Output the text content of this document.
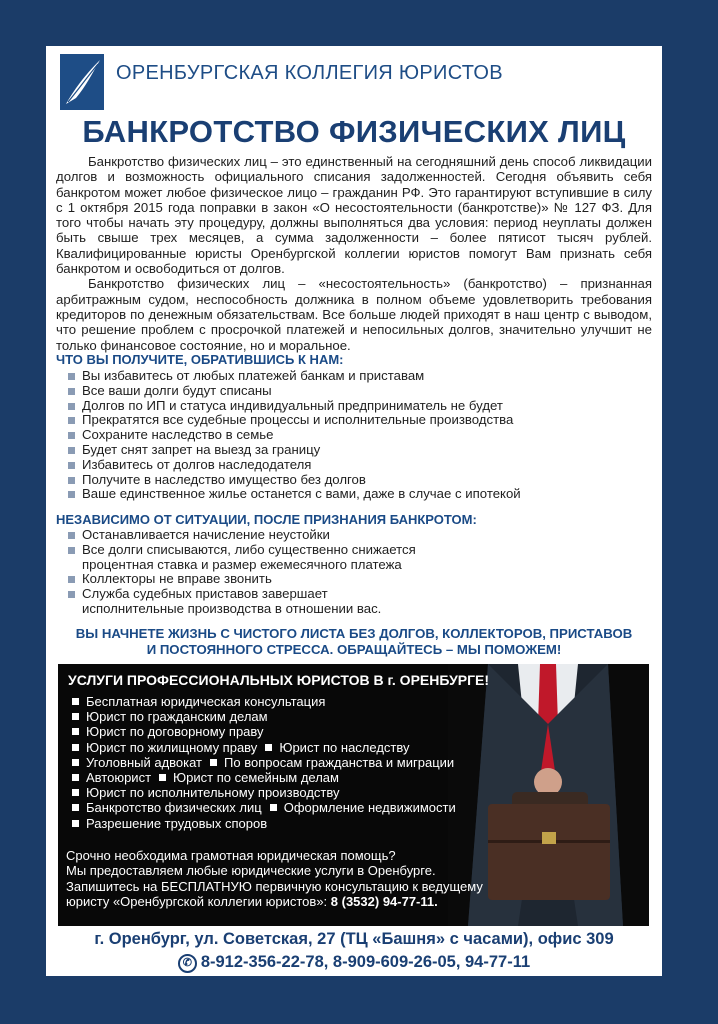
ОРЕНБУРГСКАЯ КОЛЛЕГИЯ ЮРИСТОВ
БАНКРОТСТВО ФИЗИЧЕСКИХ ЛИЦ

Банкротство физических лиц – это единственный на сегодняшний день способ ликвидации долгов и возможность официального списания задолженностей. Сегодня объявить себя банкротом может любое физическое лицо – гражданин РФ. Это гарантируют вступившие в силу с 1 октября 2015 года поправки в закон «О несостоятельности (банкротстве)» № 127 ФЗ. Для того чтобы начать эту процедуру, должны выполняться два условия: период неуплаты должен быть свыше трех месяцев, а сумма задолженности – более пятисот тысяч рублей. Квалифицированные юристы Оренбургской коллегии юристов помогут Вам признать себя банкротом и освободиться от долгов.

Банкротство физических лиц – «несостоятельность» (банкротство) – признанная арбитражным судом, неспособность должника в полном объеме удовлетворить требования кредиторов по денежным обязательствам. Все больше людей приходят в наш центр с выводом, что решение проблем с просрочкой платежей и непосильных долгов, значительно улучшит не только финансовое состояние, но и моральное.

ЧТО ВЫ ПОЛУЧИТЕ, ОБРАТИВШИСЬ К НАМ:
Вы избавитесь от любых платежей банкам и приставам
Все ваши долги будут списаны
Долгов по ИП и статуса индивидуальный предприниматель не будет
Прекратятся все судебные процессы и исполнительные производства
Сохраните наследство в семье
Будет снят запрет на выезд за границу
Избавитесь от долгов наследодателя
Получите в наследство имущество без долгов
Ваше единственное жилье останется с вами, даже в случае с ипотекой
НЕЗАВИСИМО ОТ СИТУАЦИИ, ПОСЛЕ ПРИЗНАНИЯ БАНКРОТОМ:
Останавливается начисление неустойки
Все долги списываются, либо существенно снижается
процентная ставка и размер ежемесячного платежа
Коллекторы не вправе звонить
Служба судебных приставов завершает
исполнительные производства в отношении вас.
ВЫ НАЧНЕТЕ ЖИЗНЬ С ЧИСТОГО ЛИСТА БЕЗ ДОЛГОВ, КОЛЛЕКТОРОВ, ПРИСТАВОВ
И ПОСТОЯННОГО СТРЕССА. ОБРАЩАЙТЕСЬ – МЫ ПОМОЖЕМ!
УСЛУГИ ПРОФЕССИОНАЛЬНЫХ ЮРИСТОВ В г. ОРЕНБУРГЕ!
Бесплатная юридическая консультация
Юрист по гражданским делам
Юрист по договорному праву
Юрист по жилищному праву Юрист по наследству
Уголовный адвокат По вопросам гражданства и миграции
Автоюрист Юрист по семейным делам
Юрист по исполнительному производству
Банкротство физических лиц Оформление недвижимости
Разрешение трудовых споров
Срочно необходима грамотная юридическая помощь?
Мы предоставляем любые юридические услуги в Оренбурге.
Запишитесь на БЕСПЛАТНУЮ первичную консультацию к ведущему
юристу «Оренбургской коллегии юристов»: 8 (3532) 94-77-11.
г. Оренбург, ул. Советская, 27 (ТЦ «Башня» с часами), офис 309
✆ 8-912-356-22-78, 8-909-609-26-05, 94-77-11
